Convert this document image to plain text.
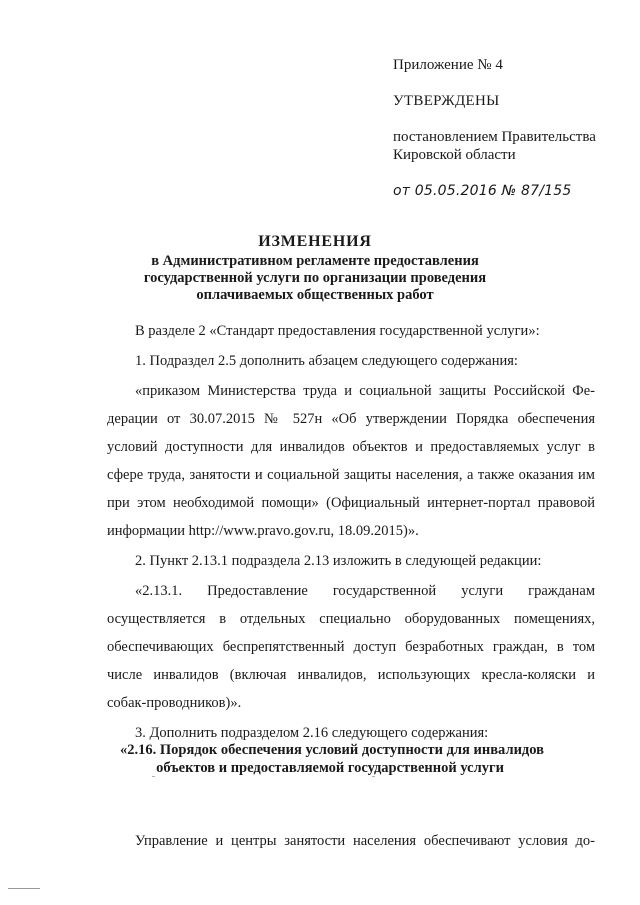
Приложение № 4
УТВЕРЖДЕНЫ
постановлением Правительства
Кировской области
от 05.05.2016 № 87/155
ИЗМЕНЕНИЯ
в Административном регламенте предоставления
государственной услуги по организации проведения
оплачиваемых общественных работ
В разделе 2 «Стандарт предоставления государственной услуги»:
1. Подраздел 2.5 дополнить абзацем следующего содержания:
«приказом Министерства труда и социальной защиты Российской Фе-
дерации от 30.07.2015 № 527н «Об утверждении Порядка обеспечения
условий доступности для инвалидов объектов и предоставляемых услуг в
сфере труда, занятости и социальной защиты населения, а также оказания им
при этом необходимой помощи» (Официальный интернет-портал правовой
информации http://www.pravo.gov.ru, 18.09.2015)».
2. Пункт 2.13.1 подраздела 2.13 изложить в следующей редакции:
«2.13.1. Предоставление государственной услуги гражданам
осуществляется в отдельных специально оборудованных помещениях,
обеспечивающих беспрепятственный доступ безработных граждан, в том
числе инвалидов (включая инвалидов, использующих кресла-коляски и
собак-проводников)».
3. Дополнить подразделом 2.16 следующего содержания:
«2.16. Порядок обеспечения условий доступности для инвалидов
объектов и предоставляемой государственной услуги
Управление и центры занятости населения обеспечивают условия до-
